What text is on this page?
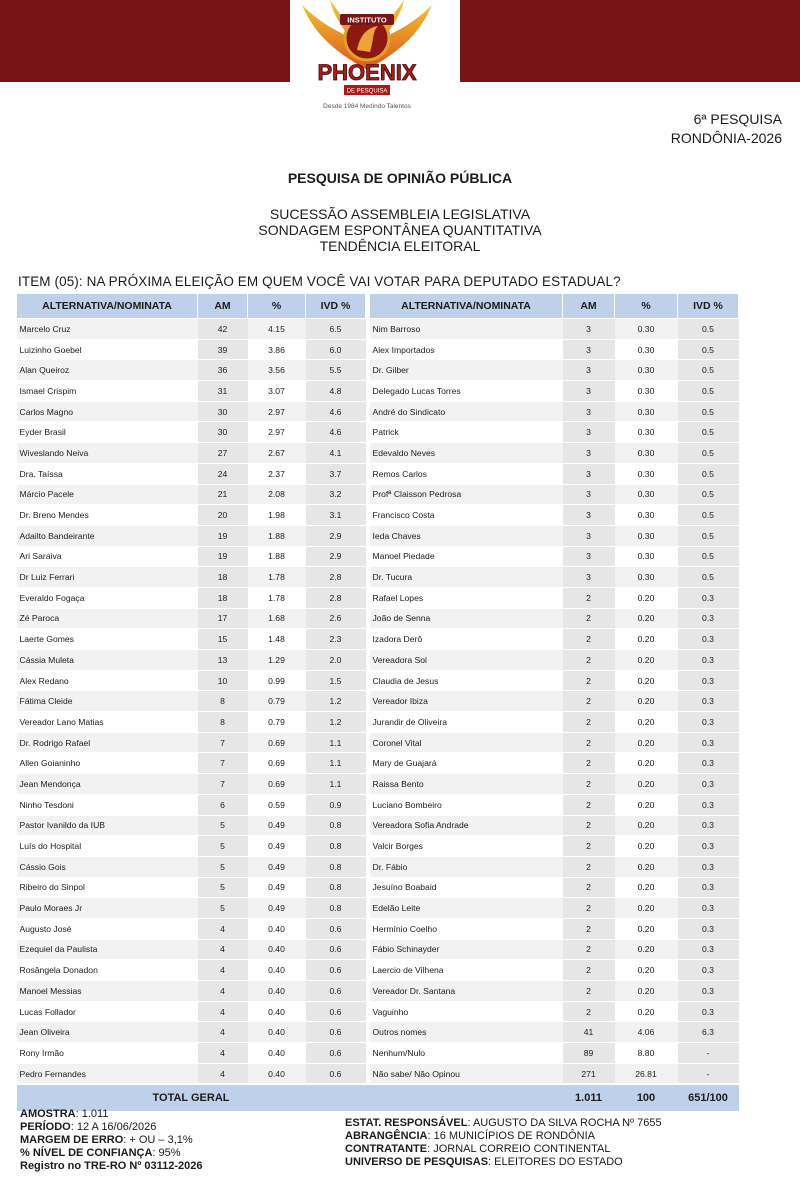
INSTITUTO
PHOENIX
DE PESQUISA
Desde 1984 Medindo Talentos
6ª PESQUISA
RONDÔNIA-2026
PESQUISA DE OPINIÃO PÚBLICA
SUCESSÃO ASSEMBLEIA LEGISLATIVA
SONDAGEM ESPONTÂNEA QUANTITATIVA
TENDÊNCIA ELEITORAL
ITEM (05): NA PRÓXIMA ELEIÇÃO EM QUEM VOCÊ VAI VOTAR PARA DEPUTADO ESTADUAL?
ALTERNATIVA/NOMINATA	AM	%	IVD %		ALTERNATIVA/NOMINATA	AM	%	IVD %
Marcelo Cruz	42	4.15	6.5		Nim Barroso	3	0.30	0.5
Luizinho Goebel	39	3.86	6.0		Alex Importados	3	0.30	0.5
Alan Queiroz	36	3.56	5.5		Dr. Gilber	3	0.30	0.5
Ismael Crispim	31	3.07	4.8		Delegado Lucas Torres	3	0.30	0.5
Carlos Magno	30	2.97	4.6		André do Sindicato	3	0.30	0.5
Eyder Brasil	30	2.97	4.6		Patrick	3	0.30	0.5
Wiveslando Neiva	27	2.67	4.1		Edevaldo Neves	3	0.30	0.5
Dra. Taíssa	24	2.37	3.7		Remos Carlos	3	0.30	0.5
Márcio Pacele	21	2.08	3.2		Profª Claisson Pedrosa	3	0.30	0.5
Dr. Breno Mendes	20	1.98	3.1		Francisco Costa	3	0.30	0.5
Adailto Bandeirante	19	1.88	2.9		Ieda Chaves	3	0.30	0.5
Ari Saraiva	19	1.88	2.9		Manoel Piedade	3	0.30	0.5
Dr Luiz Ferrari	18	1.78	2.8		Dr. Tucura	3	0.30	0.5
Everaldo Fogaça	18	1.78	2.8		Rafael Lopes	2	0.20	0.3
Zé Paroca	17	1.68	2.6		João de Senna	2	0.20	0.3
Laerte Gomes	15	1.48	2.3		Izadora Derô	2	0.20	0.3
Cássia Muleta	13	1.29	2.0		Vereadora Sol	2	0.20	0.3
Alex Redano	10	0.99	1.5		Claudia de Jesus	2	0.20	0.3
Fátima Cleide	8	0.79	1.2		Vereador Ibiza	2	0.20	0.3
Vereador Lano Matias	8	0.79	1.2		Jurandir de Oliveira	2	0.20	0.3
Dr. Rodrigo Rafael	7	0.69	1.1		Coronel Vital	2	0.20	0.3
Allen Goianinho	7	0.69	1.1		Mary de Guajará	2	0.20	0.3
Jean Mendonça	7	0.69	1.1		Raissa Bento	2	0.20	0.3
Ninho Tesdoni	6	0.59	0.9		Luciano Bombeiro	2	0.20	0.3
Pastor Ivanildo da IUB	5	0.49	0.8		Vereadora Sofia Andrade	2	0.20	0.3
Luís do Hospital	5	0.49	0.8		Valcir Borges	2	0.20	0.3
Cássio Gois	5	0.49	0.8		Dr. Fábio	2	0.20	0.3
Ribeiro do Sinpol	5	0.49	0.8		Jesuíno Boabaid	2	0.20	0.3
Paulo Moraes Jr	5	0.49	0.8		Edelão Leite	2	0.20	0.3
Augusto José	4	0.40	0.6		Hermínio Coelho	2	0.20	0.3
Ezequiel da Paulista	4	0.40	0.6		Fábio Schinayder	2	0.20	0.3
Rosângela Donadon	4	0.40	0.6		Laercio de Vilhena	2	0.20	0.3
Manoel Messias	4	0.40	0.6		Vereador Dr. Santana	2	0.20	0.3
Lucas Follador	4	0.40	0.6		Vaguinho	2	0.20	0.3
Jean Oliveira	4	0.40	0.6		Outros nomes	41	4.06	6.3
Rony Irmão	4	0.40	0.6		Nenhum/Nulo	89	8.80	-
Pedro Fernandes	4	0.40	0.6		Não sabe/ Não Opinou	271	26.81	-
TOTAL GERAL						1.011	100	651/100
AMOSTRA: 1.011
PERÍODO: 12 A 16/06/2026
MARGEM DE ERRO: + OU – 3,1%
% NÍVEL DE CONFIANÇA: 95%
Registro no TRE-RO Nº 03112-2026
ESTAT. RESPONSÁVEL: AUGUSTO DA SILVA ROCHA Nº 7655
ABRANGÊNCIA: 16 MUNICÍPIOS DE RONDÔNIA
CONTRATANTE: JORNAL CORREIO CONTINENTAL
UNIVERSO DE PESQUISAS: ELEITORES DO ESTADO
